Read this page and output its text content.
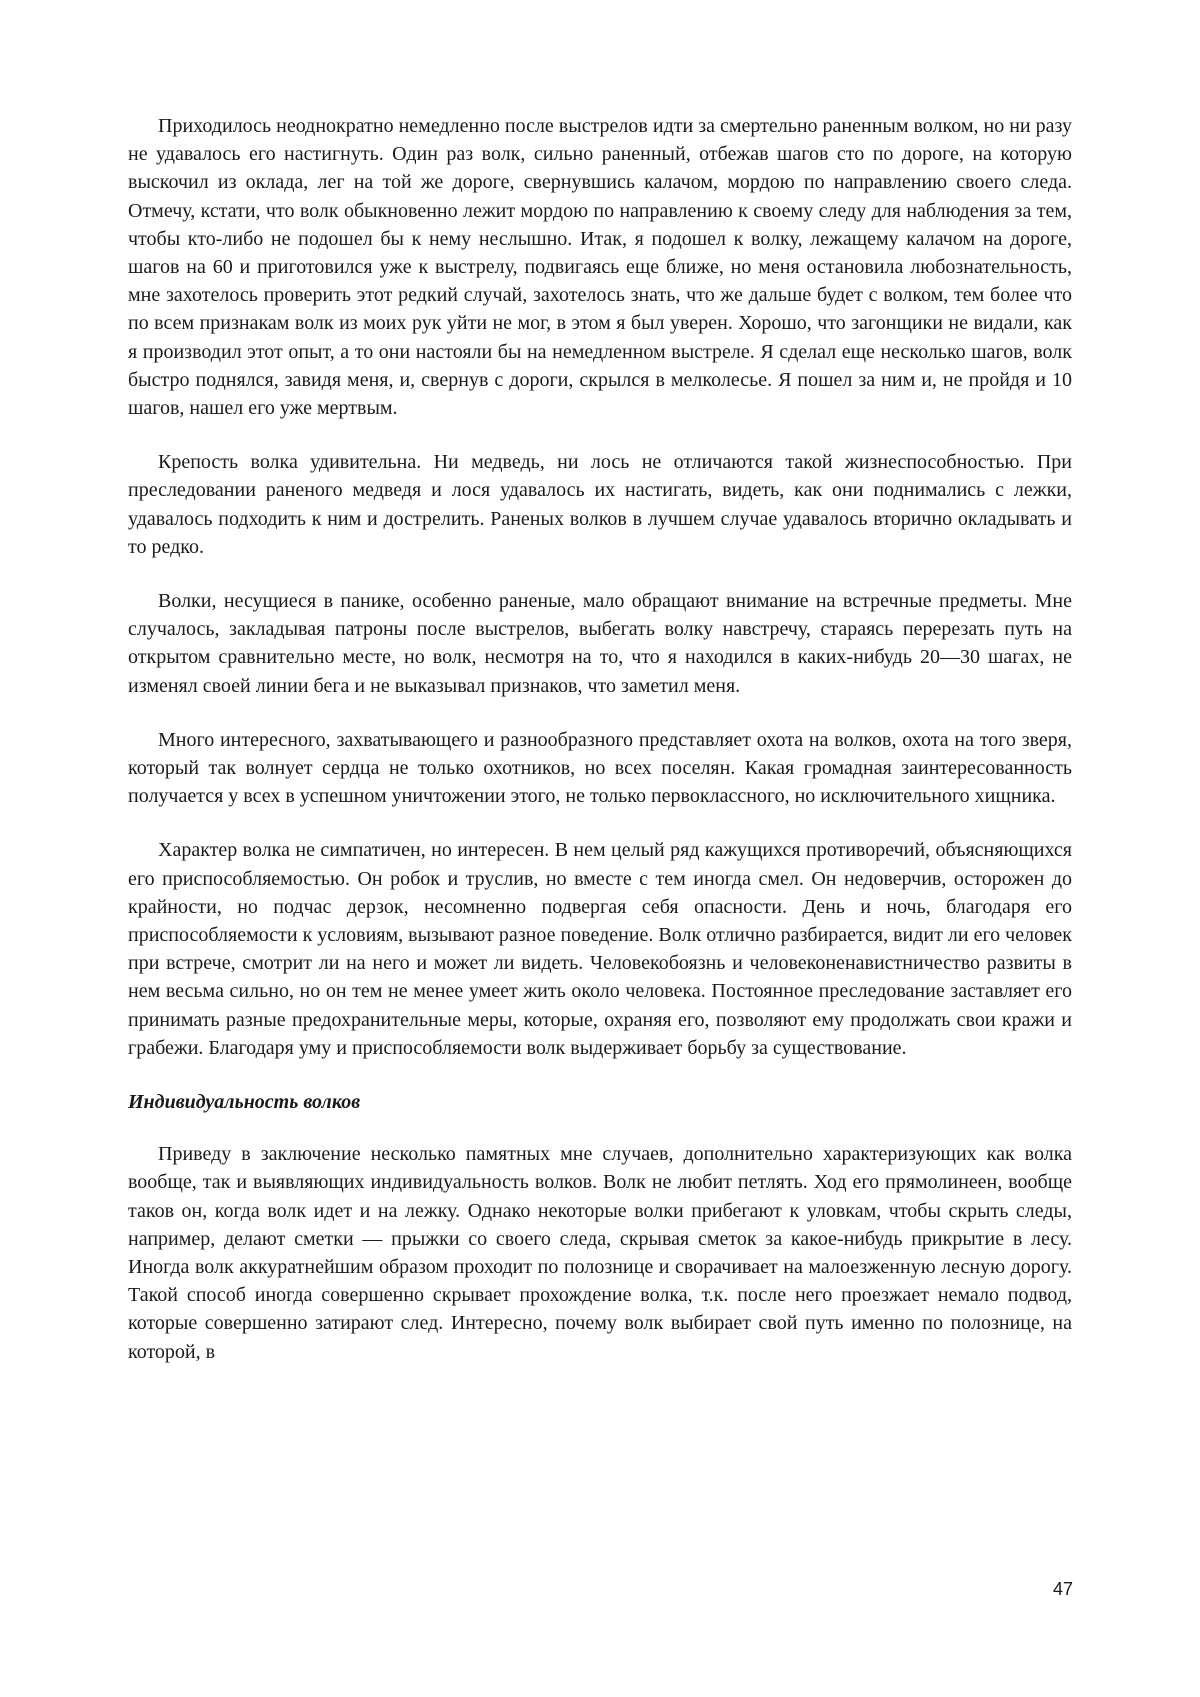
Приходилось неоднократно немедленно после выстрелов идти за смертельно раненным волком, но ни разу не удавалось его настигнуть. Один раз волк, сильно раненный, отбежав шагов сто по дороге, на которую выскочил из оклада, лег на той же дороге, свернувшись калачом, мордою по направлению своего следа. Отмечу, кстати, что волк обыкновенно лежит мордою по направлению к своему следу для наблюдения за тем, чтобы кто-либо не подошел бы к нему неслышно. Итак, я подошел к волку, лежащему калачом на дороге, шагов на 60 и приготовился уже к выстрелу, подвигаясь еще ближе, но меня остановила любознательность, мне захотелось проверить этот редкий случай, захотелось знать, что же дальше будет с волком, тем более что по всем признакам волк из моих рук уйти не мог, в этом я был уверен. Хорошо, что загонщики не видали, как я производил этот опыт, а то они настояли бы на немедленном выстреле. Я сделал еще несколько шагов, волк быстро поднялся, завидя меня, и, свернув с дороги, скрылся в мелколесье. Я пошел за ним и, не пройдя и 10 шагов, нашел его уже мертвым.

Крепость волка удивительна. Ни медведь, ни лось не отличаются такой жизнеспособностью. При преследовании раненого медведя и лося удавалось их настигать, видеть, как они поднимались с лежки, удавалось подходить к ним и дострелить. Раненых волков в лучшем случае удавалось вторично окладывать и то редко.

Волки, несущиеся в панике, особенно раненые, мало обращают внимание на встречные предметы. Мне случалось, закладывая патроны после выстрелов, выбегать волку навстречу, стараясь перерезать путь на открытом сравнительно месте, но волк, несмотря на то, что я находился в каких-нибудь 20—30 шагах, не изменял своей линии бега и не выказывал признаков, что заметил меня.

Много интересного, захватывающего и разнообразного представляет охота на волков, охота на того зверя, который так волнует сердца не только охотников, но всех поселян. Какая громадная заинтересованность получается у всех в успешном уничтожении этого, не только первоклассного, но исключительного хищника.

Характер волка не симпатичен, но интересен. В нем целый ряд кажущихся противоречий, объясняющихся его приспособляемостью. Он робок и труслив, но вместе с тем иногда смел. Он недоверчив, осторожен до крайности, но подчас дерзок, несомненно подвергая себя опасности. День и ночь, благодаря его приспособляемости к условиям, вызывают разное поведение. Волк отлично разбирается, видит ли его человек при встрече, смотрит ли на него и может ли видеть. Человекобоязнь и человеконенавистничество развиты в нем весьма сильно, но он тем не менее умеет жить около человека. Постоянное преследование заставляет его принимать разные предохранительные меры, которые, охраняя его, позволяют ему продолжать свои кражи и грабежи. Благодаря уму и приспособляемости волк выдерживает борьбу за существование.

Индивидуальность волков

Приведу в заключение несколько памятных мне случаев, дополнительно характеризующих как волка вообще, так и выявляющих индивидуальность волков. Волк не любит петлять. Ход его прямолинеен, вообще таков он, когда волк идет и на лежку. Однако некоторые волки прибегают к уловкам, чтобы скрыть следы, например, делают сметки — прыжки со своего следа, скрывая сметок за какое-нибудь прикрытие в лесу. Иногда волк аккуратнейшим образом проходит по полознице и сворачивает на малоезженную лесную дорогу. Такой способ иногда совершенно скрывает прохождение волка, т.к. после него проезжает немало подвод, которые совершенно затирают след. Интересно, почему волк выбирает свой путь именно по полознице, на которой, в

47
